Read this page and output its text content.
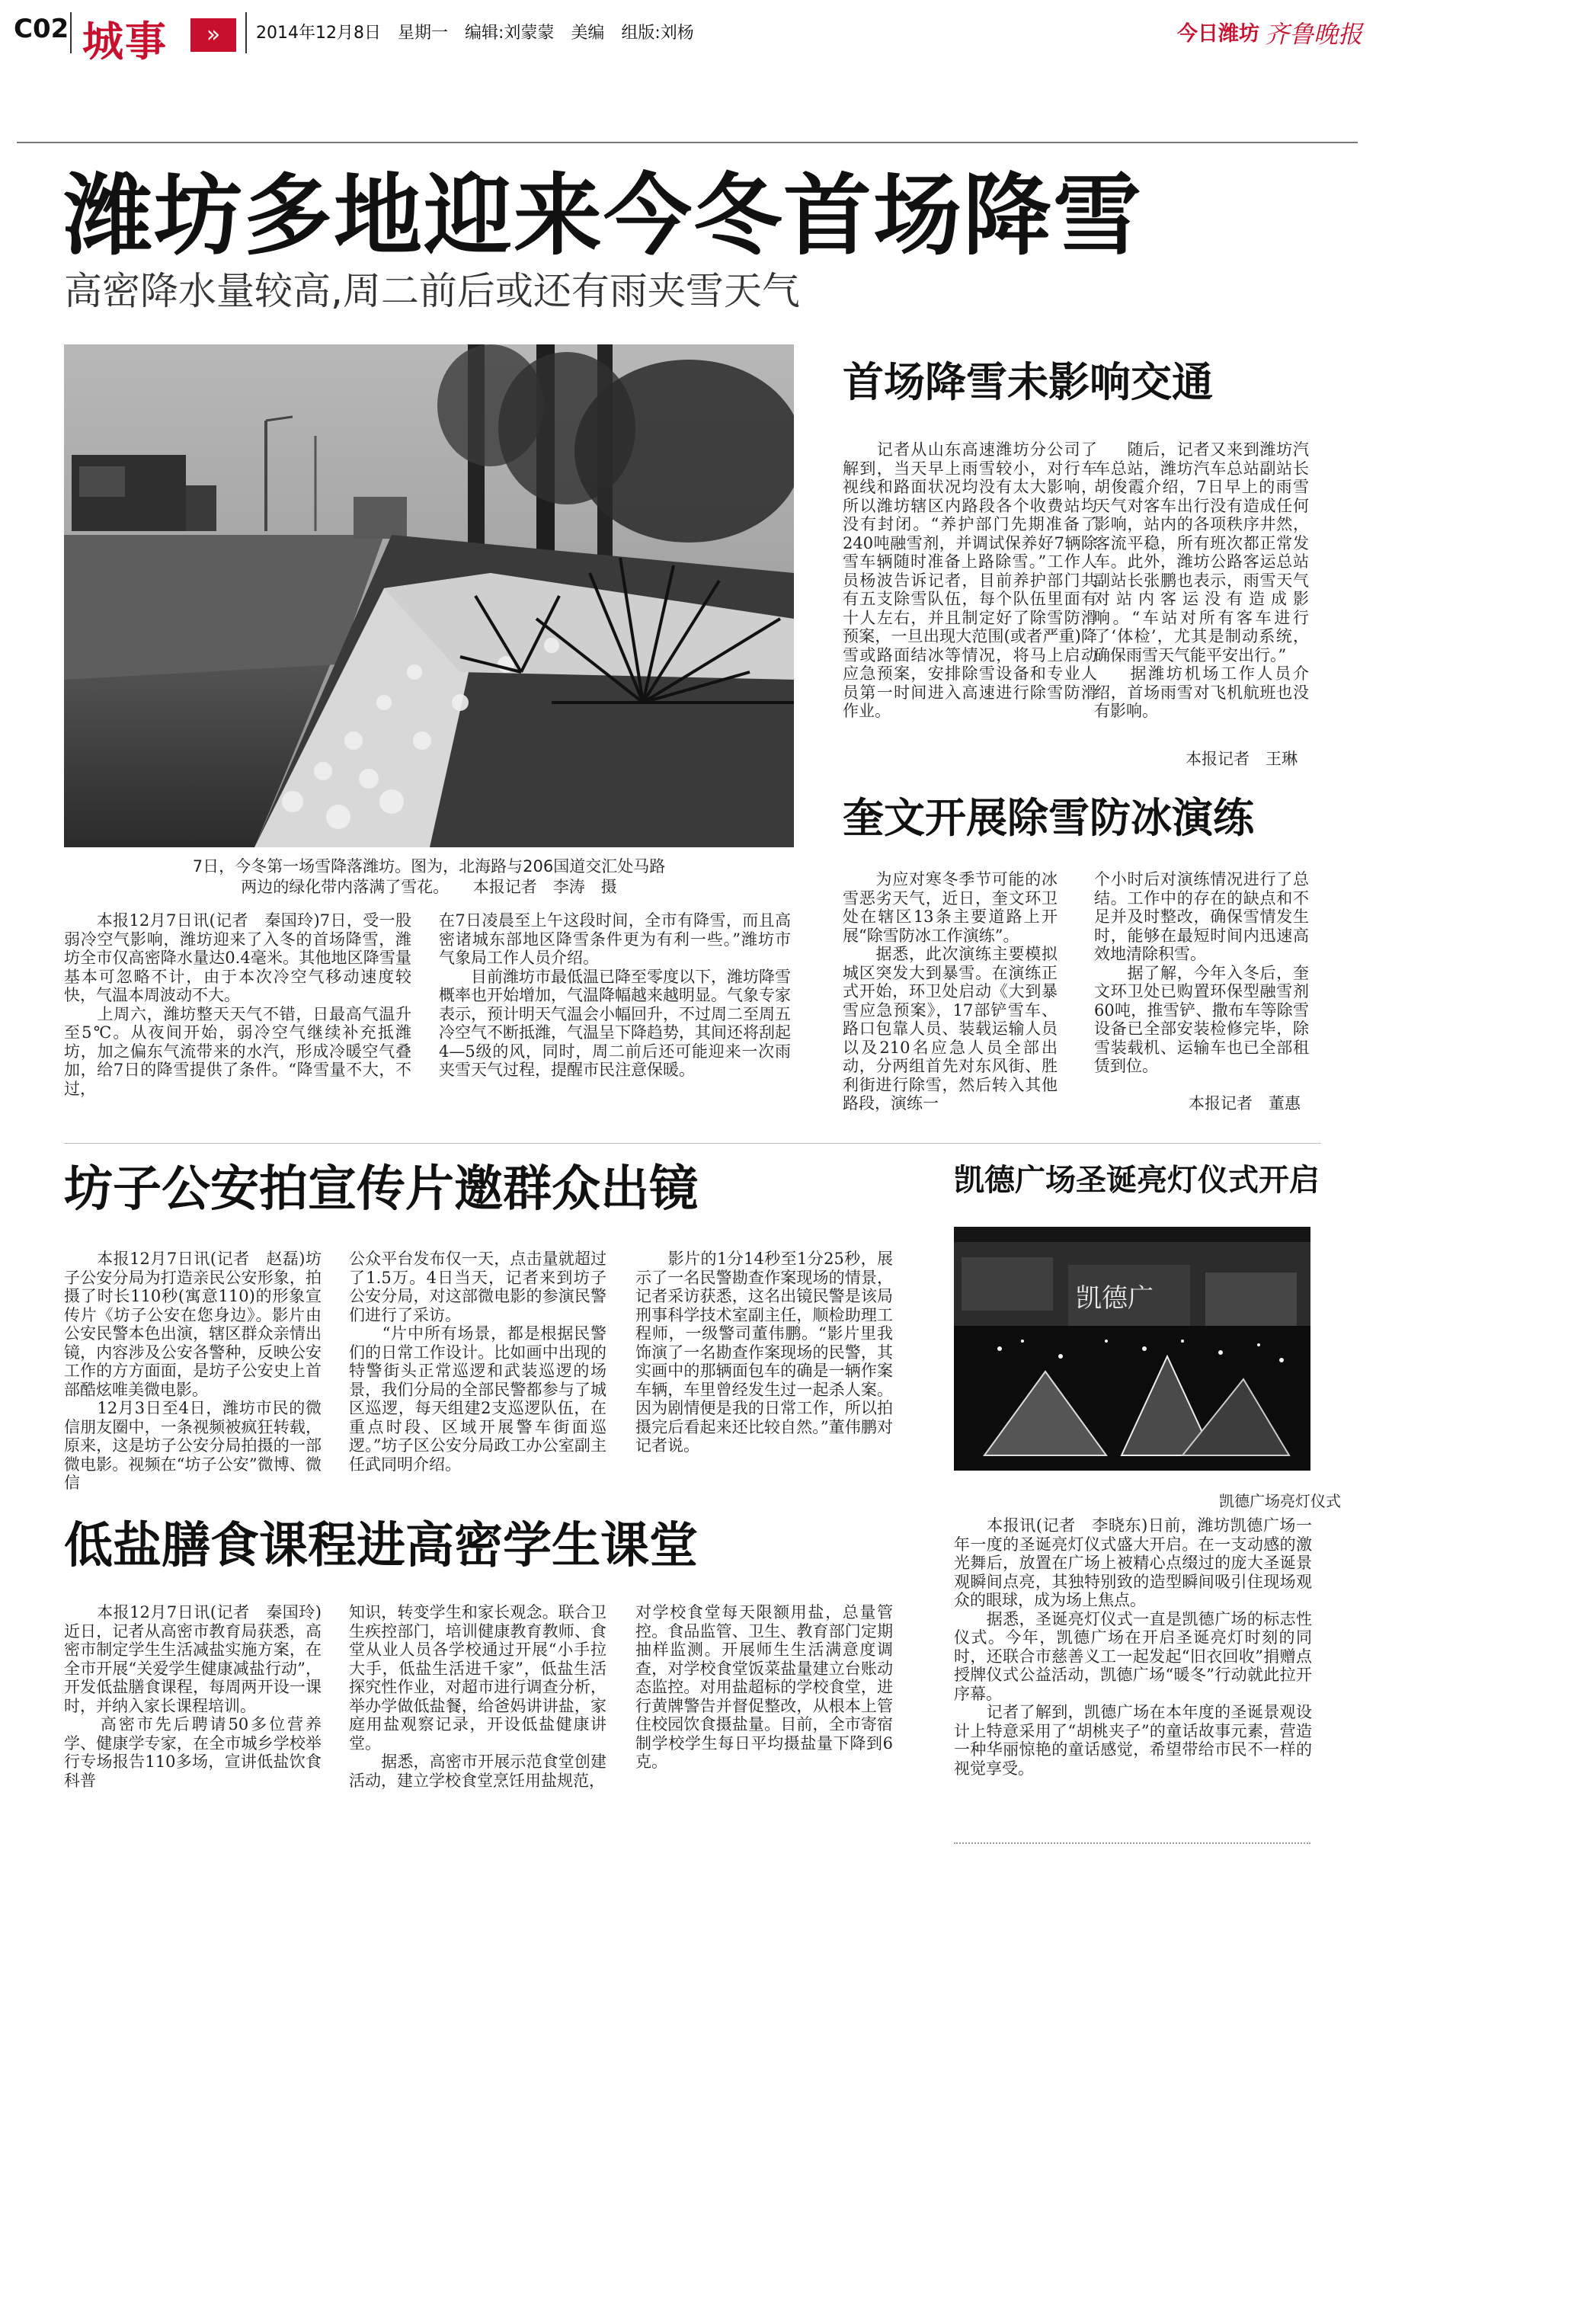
C02 城事	»	2014年12月8日　星期一　编辑:刘蒙蒙　美编　组版:刘杨	今日潍坊 齐鲁晚报
潍坊多地迎来今冬首场降雪
高密降水量较高,周二前后或还有雨夹雪天气
7日，今冬第一场雪降落潍坊。图为，北海路与206国道交汇处马路
两边的绿化带内落满了雪花。　　本报记者　李涛　摄
　　本报12月7日讯(记者　秦国玲)7日，受一股弱冷空气影响，潍坊迎来了入冬的首场降雪，潍坊全市仅高密降水量达0.4毫米。其他地区降雪量基本可忽略不计，由于本次冷空气移动速度较快，气温本周波动不大。
　　上周六，潍坊整天天气不错，日最高气温升至5℃。从夜间开始，弱冷空气继续补充抵潍坊，加之偏东气流带来的水汽，形成冷暖空气叠加，给7日的降雪提供了条件。“降雪量不大，不过，
在7日凌晨至上午这段时间，全市有降雪，而且高密诸城东部地区降雪条件更为有利一些。”潍坊市气象局工作人员介绍。
　　目前潍坊市最低温已降至零度以下，潍坊降雪概率也开始增加，气温降幅越来越明显。气象专家表示，预计明天气温会小幅回升，不过周二至周五冷空气不断抵潍，气温呈下降趋势，其间还将刮起4—5级的风，同时，周二前后还可能迎来一次雨夹雪天气过程，提醒市民注意保暖。
首场降雪未影响交通
　　记者从山东高速潍坊分公司了解到，当天早上雨雪较小，对行车视线和路面状况均没有太大影响，所以潍坊辖区内路段各个收费站均没有封闭。“养护部门先期准备了240吨融雪剂，并调试保养好7辆除雪车辆随时准备上路除雪。”工作人员杨波告诉记者，目前养护部门共有五支除雪队伍，每个队伍里面有十人左右，并且制定好了除雪防滑预案，一旦出现大范围(或者严重)降雪或路面结冰等情况，将马上启动应急预案，安排除雪设备和专业人员第一时间进入高速进行除雪防滑作业。
　　随后，记者又来到潍坊汽车总站，潍坊汽车总站副站长胡俊霞介绍，7日早上的雨雪天气对客车出行没有造成任何影响，站内的各项秩序井然，客流平稳，所有班次都正常发车。此外，潍坊公路客运总站副站长张鹏也表示，雨雪天气对站内客运没有造成影响。“车站对所有客车进行了‘体检’，尤其是制动系统，确保雨雪天气能平安出行。”
　　据潍坊机场工作人员介绍，首场雨雪对飞机航班也没有影响。
本报记者　王琳
奎文开展除雪防冰演练
　　为应对寒冬季节可能的冰雪恶劣天气，近日，奎文环卫处在辖区13条主要道路上开展“除雪防冰工作演练”。
　　据悉，此次演练主要模拟城区突发大到暴雪。在演练正式开始，环卫处启动《大到暴雪应急预案》，17部铲雪车、路口包靠人员、装载运输人员以及210名应急人员全部出动，分两组首先对东风街、胜利街进行除雪，然后转入其他路段，演练一
个小时后对演练情况进行了总结。工作中的存在的缺点和不足并及时整改，确保雪情发生时，能够在最短时间内迅速高效地清除积雪。
　　据了解，今年入冬后，奎文环卫处已购置环保型融雪剂60吨，推雪铲、撒布车等除雪设备已全部安装检修完毕，除雪装载机、运输车也已全部租赁到位。
本报记者　董惠
坊子公安拍宣传片邀群众出镜
　　本报12月7日讯(记者　赵磊)坊子公安分局为打造亲民公安形象，拍摄了时长110秒(寓意110)的形象宣传片《坊子公安在您身边》。影片由公安民警本色出演，辖区群众亲情出镜，内容涉及公安各警种，反映公安工作的方方面面，是坊子公安史上首部酷炫唯美微电影。
　　12月3日至4日，潍坊市民的微信朋友圈中，一条视频被疯狂转载，原来，这是坊子公安分局拍摄的一部微电影。视频在“坊子公安”微博、微信
公众平台发布仅一天，点击量就超过了1.5万。4日当天，记者来到坊子公安分局，对这部微电影的参演民警们进行了采访。
　　“片中所有场景，都是根据民警们的日常工作设计。比如画中出现的特警街头正常巡逻和武装巡逻的场景，我们分局的全部民警都参与了城区巡逻，每天组建2支巡逻队伍，在重点时段、区域开展警车街面巡逻。”坊子区公安分局政工办公室副主任武同明介绍。
　　影片的1分14秒至1分25秒，展示了一名民警勘查作案现场的情景，记者采访获悉，这名出镜民警是该局刑事科学技术室副主任，顺检助理工程师，一级警司董伟鹏。“影片里我饰演了一名勘查作案现场的民警，其实画中的那辆面包车的确是一辆作案车辆，车里曾经发生过一起杀人案。因为剧情便是我的日常工作，所以拍摄完后看起来还比较自然。”董伟鹏对记者说。
低盐膳食课程进高密学生课堂
　　本报12月7日讯(记者　秦国玲)近日，记者从高密市教育局获悉，高密市制定学生生活减盐实施方案，在全市开展“关爱学生健康减盐行动”，开发低盐膳食课程，每周两开设一课时，并纳入家长课程培训。
　　高密市先后聘请50多位营养学、健康学专家，在全市城乡学校举行专场报告110多场，宣讲低盐饮食科普
知识，转变学生和家长观念。联合卫生疾控部门，培训健康教育教师、食堂从业人员各学校通过开展“小手拉大手，低盐生活进千家”，低盐生活探究性作业，对超市进行调查分析，举办学做低盐餐，给爸妈讲讲盐，家庭用盐观察记录，开设低盐健康讲堂。
　　据悉，高密市开展示范食堂创建活动，建立学校食堂烹饪用盐规范，
对学校食堂每天限额用盐，总量管控。食品监管、卫生、教育部门定期抽样监测。开展师生生活满意度调查，对学校食堂饭菜盐量建立台账动态监控。对用盐超标的学校食堂，进行黄牌警告并督促整改，从根本上管住校园饮食摄盐量。目前，全市寄宿制学校学生每日平均摄盐量下降到6克。
凯德广场圣诞亮灯仪式开启
凯德广
凯德广场亮灯仪式
　　本报讯(记者　李晓东)日前，潍坊凯德广场一年一度的圣诞亮灯仪式盛大开启。在一支动感的激光舞后，放置在广场上被精心点缀过的庞大圣诞景观瞬间点亮，其独特别致的造型瞬间吸引住现场观众的眼球，成为场上焦点。
　　据悉，圣诞亮灯仪式一直是凯德广场的标志性仪式。今年，凯德广场在开启圣诞亮灯时刻的同时，还联合市慈善义工一起发起“旧衣回收”捐赠点授牌仪式公益活动，凯德广场“暖冬”行动就此拉开序幕。
　　记者了解到，凯德广场在本年度的圣诞景观设计上特意采用了“胡桃夹子”的童话故事元素，营造一种华丽惊艳的童话感觉，希望带给市民不一样的视觉享受。
